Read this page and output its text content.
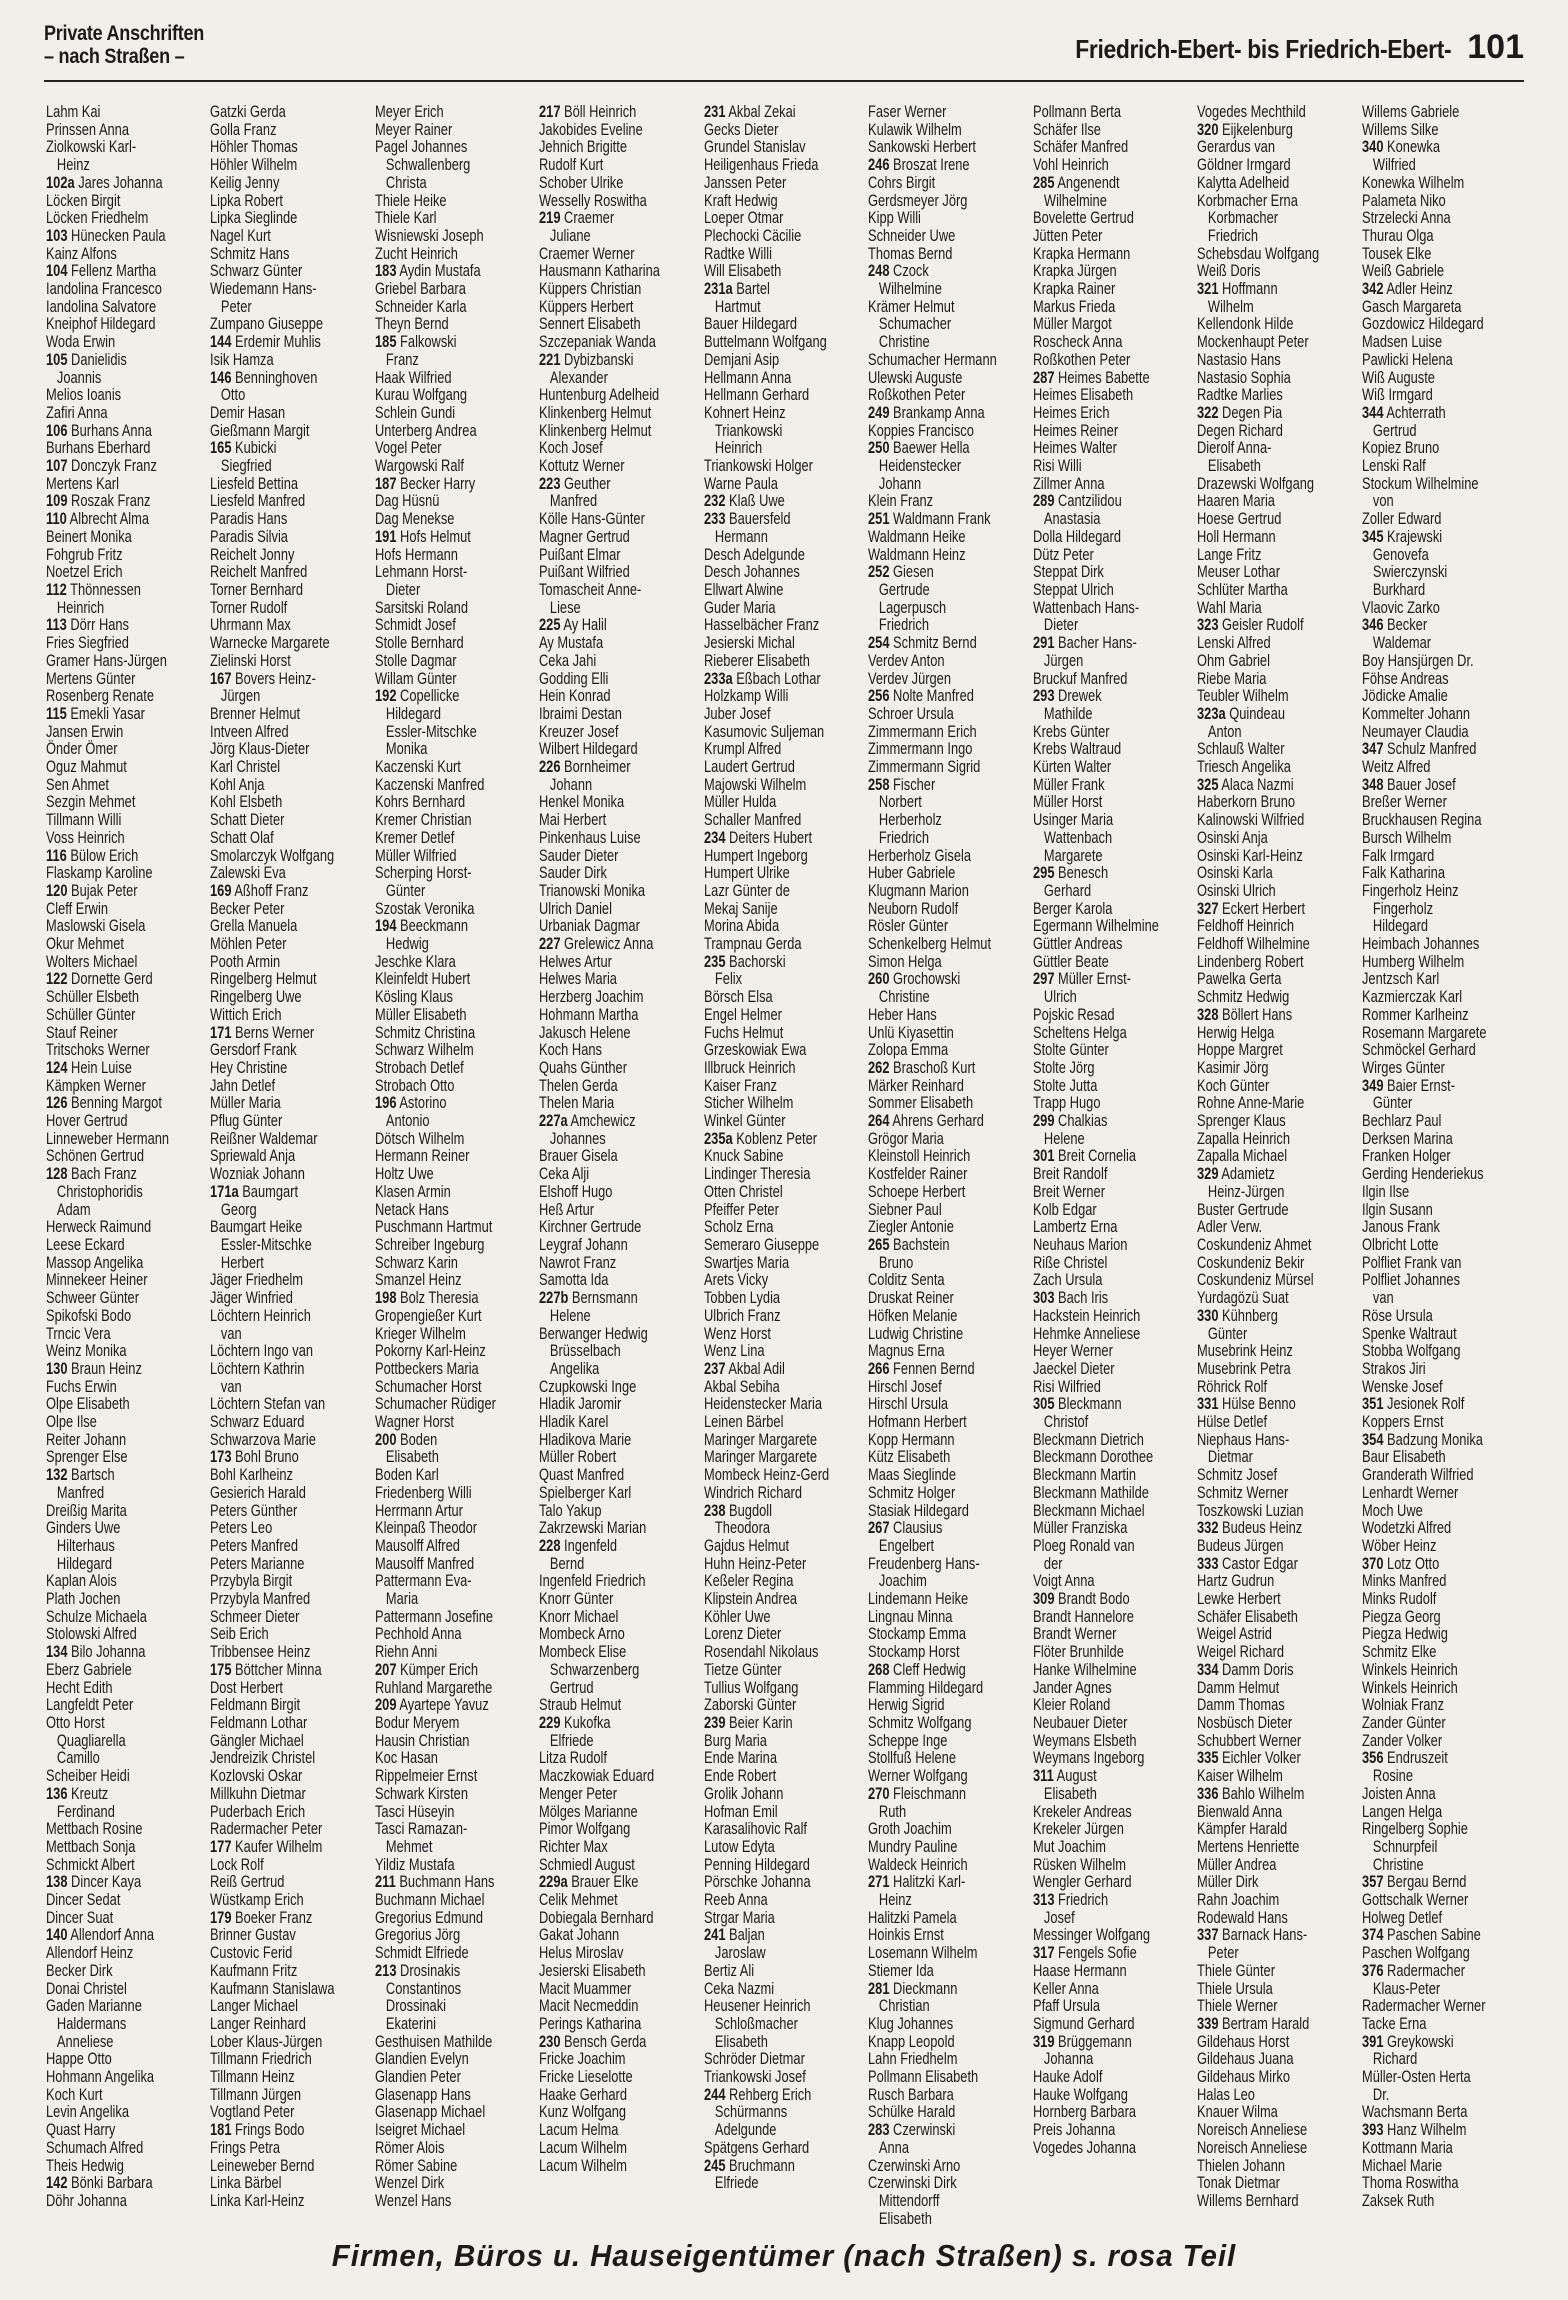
Private Anschriften
– nach Straßen –	Friedrich-Ebert- bis Friedrich-Ebert- 101
Lahm Kai
Prinssen Anna
Ziolkowski Karl-
Heinz
102a Jares Johanna
Löcken Birgit
Löcken Friedhelm
103 Hünecken Paula
Kainz Alfons
104 Fellenz Martha
Iandolina Francesco
Iandolina Salvatore
Kneiphof Hildegard
Woda Erwin
105 Danielidis
Joannis
Melios Ioanis
Zafiri Anna
106 Burhans Anna
Burhans Eberhard
107 Donczyk Franz
Mertens Karl
109 Roszak Franz
110 Albrecht Alma
Beinert Monika
Fohgrub Fritz
Noetzel Erich
112 Thönnessen
Heinrich
113 Dörr Hans
Fries Siegfried
Gramer Hans-Jürgen
Mertens Günter
Rosenberg Renate
115 Emekli Yasar
Jansen Erwin
Önder Ömer
Oguz Mahmut
Sen Ahmet
Sezgin Mehmet
Tillmann Willi
Voss Heinrich
116 Bülow Erich
Flaskamp Karoline
120 Bujak Peter
Cleff Erwin
Maslowski Gisela
Okur Mehmet
Wolters Michael
122 Dornette Gerd
Schüller Elsbeth
Schüller Günter
Stauf Reiner
Tritschoks Werner
124 Hein Luise
Kämpken Werner
126 Benning Margot
Hover Gertrud
Linneweber Hermann
Schönen Gertrud
128 Bach Franz
Christophoridis
Adam
Herweck Raimund
Leese Eckard
Massop Angelika
Minnekeer Heiner
Schweer Günter
Spikofski Bodo
Trncic Vera
Weinz Monika
130 Braun Heinz
Fuchs Erwin
Olpe Elisabeth
Olpe Ilse
Reiter Johann
Sprenger Else
132 Bartsch
Manfred
Dreißig Marita
Ginders Uwe
Hilterhaus
Hildegard
Kaplan Alois
Plath Jochen
Schulze Michaela
Stolowski Alfred
134 Bilo Johanna
Eberz Gabriele
Hecht Edith
Langfeldt Peter
Otto Horst
Quagliarella
Camillo
Scheiber Heidi
136 Kreutz
Ferdinand
Mettbach Rosine
Mettbach Sonja
Schmickt Albert
138 Dincer Kaya
Dincer Sedat
Dincer Suat
140 Allendorf Anna
Allendorf Heinz
Becker Dirk
Donai Christel
Gaden Marianne
Haldermans
Anneliese
Happe Otto
Hohmann Angelika
Koch Kurt
Levin Angelika
Quast Harry
Schumach Alfred
Theis Hedwig
142 Bönki Barbara
Döhr Johanna
Gatzki Gerda
Golla Franz
Höhler Thomas
Höhler Wilhelm
Keilig Jenny
Lipka Robert
Lipka Sieglinde
Nagel Kurt
Schmitz Hans
Schwarz Günter
Wiedemann Hans-
Peter
Zumpano Giuseppe
144 Erdemir Muhlis
Isik Hamza
146 Benninghoven
Otto
Demir Hasan
Gießmann Margit
165 Kubicki
Siegfried
Liesfeld Bettina
Liesfeld Manfred
Paradis Hans
Paradis Silvia
Reichelt Jonny
Reichelt Manfred
Torner Bernhard
Torner Rudolf
Uhrmann Max
Warnecke Margarete
Zielinski Horst
167 Bovers Heinz-
Jürgen
Brenner Helmut
Intveen Alfred
Jörg Klaus-Dieter
Karl Christel
Kohl Anja
Kohl Elsbeth
Schatt Dieter
Schatt Olaf
Smolarczyk Wolfgang
Zalewski Eva
169 Aßhoff Franz
Becker Peter
Grella Manuela
Möhlen Peter
Pooth Armin
Ringelberg Helmut
Ringelberg Uwe
Wittich Erich
171 Berns Werner
Gersdorf Frank
Hey Christine
Jahn Detlef
Müller Maria
Pflug Günter
Reißner Waldemar
Spriewald Anja
Wozniak Johann
171a Baumgart
Georg
Baumgart Heike
Essler-Mitschke
Herbert
Jäger Friedhelm
Jäger Winfried
Löchtern Heinrich
van
Löchtern Ingo van
Löchtern Kathrin
van
Löchtern Stefan van
Schwarz Eduard
Schwarzova Marie
173 Bohl Bruno
Bohl Karlheinz
Gesierich Harald
Peters Günther
Peters Leo
Peters Manfred
Peters Marianne
Przybyla Birgit
Przybyla Manfred
Schmeer Dieter
Seib Erich
Tribbensee Heinz
175 Böttcher Minna
Dost Herbert
Feldmann Birgit
Feldmann Lothar
Gängler Michael
Jendreizik Christel
Kozlovski Oskar
Millkuhn Dietmar
Puderbach Erich
Radermacher Peter
177 Kaufer Wilhelm
Lock Rolf
Reiß Gertrud
Wüstkamp Erich
179 Boeker Franz
Brinner Gustav
Custovic Ferid
Kaufmann Fritz
Kaufmann Stanislawa
Langer Michael
Langer Reinhard
Lober Klaus-Jürgen
Tillmann Friedrich
Tillmann Heinz
Tillmann Jürgen
Vogtland Peter
181 Frings Bodo
Frings Petra
Leineweber Bernd
Linka Bärbel
Linka Karl-Heinz
Meyer Erich
Meyer Rainer
Pagel Johannes
Schwallenberg
Christa
Thiele Heike
Thiele Karl
Wisniewski Joseph
Zucht Heinrich
183 Aydin Mustafa
Griebel Barbara
Schneider Karla
Theyn Bernd
185 Falkowski
Franz
Haak Wilfried
Kurau Wolfgang
Schlein Gundi
Unterberg Andrea
Vogel Peter
Wargowski Ralf
187 Becker Harry
Dag Hüsnü
Dag Menekse
191 Hofs Helmut
Hofs Hermann
Lehmann Horst-
Dieter
Sarsitski Roland
Schmidt Josef
Stolle Bernhard
Stolle Dagmar
Willam Günter
192 Copellicke
Hildegard
Essler-Mitschke
Monika
Kaczenski Kurt
Kaczenski Manfred
Kohrs Bernhard
Kremer Christian
Kremer Detlef
Müller Wilfried
Scherping Horst-
Günter
Szostak Veronika
194 Beeckmann
Hedwig
Jeschke Klara
Kleinfeldt Hubert
Kösling Klaus
Müller Elisabeth
Schmitz Christina
Schwarz Wilhelm
Strobach Detlef
Strobach Otto
196 Astorino
Antonio
Dötsch Wilhelm
Hermann Reiner
Holtz Uwe
Klasen Armin
Netack Hans
Puschmann Hartmut
Schreiber Ingeburg
Schwarz Karin
Smanzel Heinz
198 Bolz Theresia
Gropengießer Kurt
Krieger Wilhelm
Pokorny Karl-Heinz
Pottbeckers Maria
Schumacher Horst
Schumacher Rüdiger
Wagner Horst
200 Boden
Elisabeth
Boden Karl
Friedenberg Willi
Herrmann Artur
Kleinpaß Theodor
Mausolff Alfred
Mausolff Manfred
Pattermann Eva-
Maria
Pattermann Josefine
Pechhold Anna
Riehn Anni
207 Kümper Erich
Ruhland Margarethe
209 Ayartepe Yavuz
Bodur Meryem
Hausin Christian
Koc Hasan
Rippelmeier Ernst
Schwark Kirsten
Tasci Hüseyin
Tasci Ramazan-
Mehmet
Yildiz Mustafa
211 Buchmann Hans
Buchmann Michael
Gregorius Edmund
Gregorius Jörg
Schmidt Elfriede
213 Drosinakis
Constantinos
Drossinaki
Ekaterini
Gesthuisen Mathilde
Glandien Evelyn
Glandien Peter
Glasenapp Hans
Glasenapp Michael
Iseigret Michael
Römer Alois
Römer Sabine
Wenzel Dirk
Wenzel Hans
217 Böll Heinrich
Jakobides Eveline
Jehnich Brigitte
Rudolf Kurt
Schober Ulrike
Wesselly Roswitha
219 Craemer
Juliane
Craemer Werner
Hausmann Katharina
Küppers Christian
Küppers Herbert
Sennert Elisabeth
Szczepaniak Wanda
221 Dybizbanski
Alexander
Huntenburg Adelheid
Klinkenberg Helmut
Klinkenberg Helmut
Koch Josef
Kottutz Werner
223 Geuther
Manfred
Kölle Hans-Günter
Magner Gertrud
Puißant Elmar
Puißant Wilfried
Tomascheit Anne-
Liese
225 Ay Halil
Ay Mustafa
Ceka Jahi
Godding Elli
Hein Konrad
Ibraimi Destan
Kreuzer Josef
Wilbert Hildegard
226 Bornheimer
Johann
Henkel Monika
Mai Herbert
Pinkenhaus Luise
Sauder Dieter
Sauder Dirk
Trianowski Monika
Ulrich Daniel
Urbaniak Dagmar
227 Grelewicz Anna
Helwes Artur
Helwes Maria
Herzberg Joachim
Hohmann Martha
Jakusch Helene
Koch Hans
Quahs Günther
Thelen Gerda
Thelen Maria
227a Amchewicz
Johannes
Brauer Gisela
Ceka Alji
Elshoff Hugo
Heß Artur
Kirchner Gertrude
Leygraf Johann
Nawrot Franz
Samotta Ida
227b Bernsmann
Helene
Berwanger Hedwig
Brüsselbach
Angelika
Czupkowski Inge
Hladik Jaromir
Hladik Karel
Hladikova Marie
Müller Robert
Quast Manfred
Spielberger Karl
Talo Yakup
Zakrzewski Marian
228 Ingenfeld
Bernd
Ingenfeld Friedrich
Knorr Günter
Knorr Michael
Mombeck Arno
Mombeck Elise
Schwarzenberg
Gertrud
Straub Helmut
229 Kukofka
Elfriede
Litza Rudolf
Maczkowiak Eduard
Menger Peter
Mölges Marianne
Pimor Wolfgang
Richter Max
Schmiedl August
229a Brauer Elke
Celik Mehmet
Dobiegala Bernhard
Gakat Johann
Helus Miroslav
Jesierski Elisabeth
Macit Muammer
Macit Necmeddin
Perings Katharina
230 Bensch Gerda
Fricke Joachim
Fricke Lieselotte
Haake Gerhard
Kunz Wolfgang
Lacum Helma
Lacum Wilhelm
Lacum Wilhelm
231 Akbal Zekai
Gecks Dieter
Grundel Stanislav
Heiligenhaus Frieda
Janssen Peter
Kraft Hedwig
Loeper Otmar
Plechocki Cäcilie
Radtke Willi
Will Elisabeth
231a Bartel
Hartmut
Bauer Hildegard
Buttelmann Wolfgang
Demjani Asip
Hellmann Anna
Hellmann Gerhard
Kohnert Heinz
Triankowski
Heinrich
Triankowski Holger
Warne Paula
232 Klaß Uwe
233 Bauersfeld
Hermann
Desch Adelgunde
Desch Johannes
Ellwart Alwine
Guder Maria
Hasselbächer Franz
Jesierski Michal
Rieberer Elisabeth
233a Eßbach Lothar
Holzkamp Willi
Juber Josef
Kasumovic Suljeman
Krumpl Alfred
Laudert Gertrud
Majowski Wilhelm
Müller Hulda
Schaller Manfred
234 Deiters Hubert
Humpert Ingeborg
Humpert Ulrike
Lazr Günter de
Mekaj Sanije
Morina Abida
Trampnau Gerda
235 Bachorski
Felix
Börsch Elsa
Engel Helmer
Fuchs Helmut
Grzeskowiak Ewa
Illbruck Heinrich
Kaiser Franz
Sticher Wilhelm
Winkel Günter
235a Koblenz Peter
Knuck Sabine
Lindinger Theresia
Otten Christel
Pfeiffer Peter
Scholz Erna
Semeraro Giuseppe
Swartjes Maria
Arets Vicky
Tobben Lydia
Ulbrich Franz
Wenz Horst
Wenz Lina
237 Akbal Adil
Akbal Sebiha
Heidenstecker Maria
Leinen Bärbel
Maringer Margarete
Maringer Margarete
Mombeck Heinz-Gerd
Windrich Richard
238 Bugdoll
Theodora
Gajdus Helmut
Huhn Heinz-Peter
Keßeler Regina
Klipstein Andrea
Köhler Uwe
Lorenz Dieter
Rosendahl Nikolaus
Tietze Günter
Tullius Wolfgang
Zaborski Günter
239 Beier Karin
Burg Maria
Ende Marina
Ende Robert
Grolik Johann
Hofman Emil
Karasalihovic Ralf
Lutow Edyta
Penning Hildegard
Pörschke Johanna
Reeb Anna
Strgar Maria
241 Baljan
Jaroslaw
Bertiz Ali
Ceka Nazmi
Heusener Heinrich
Schloßmacher
Elisabeth
Schröder Dietmar
Triankowski Josef
244 Rehberg Erich
Schürmanns
Adelgunde
Spätgens Gerhard
245 Bruchmann
Elfriede
Faser Werner
Kulawik Wilhelm
Sankowski Herbert
246 Broszat Irene
Cohrs Birgit
Gerdsmeyer Jörg
Kipp Willi
Schneider Uwe
Thomas Bernd
248 Czock
Wilhelmine
Krämer Helmut
Schumacher
Christine
Schumacher Hermann
Ulewski Auguste
Roßkothen Peter
249 Brankamp Anna
Koppies Francisco
250 Baewer Hella
Heidenstecker
Johann
Klein Franz
251 Waldmann Frank
Waldmann Heike
Waldmann Heinz
252 Giesen
Gertrude
Lagerpusch
Friedrich
254 Schmitz Bernd
Verdev Anton
Verdev Jürgen
256 Nolte Manfred
Schroer Ursula
Zimmermann Erich
Zimmermann Ingo
Zimmermann Sigrid
258 Fischer
Norbert
Herberholz
Friedrich
Herberholz Gisela
Huber Gabriele
Klugmann Marion
Neuborn Rudolf
Rösler Günter
Schenkelberg Helmut
Simon Helga
260 Grochowski
Christine
Heber Hans
Unlü Kiyasettin
Zolopa Emma
262 Braschoß Kurt
Märker Reinhard
Sommer Elisabeth
264 Ahrens Gerhard
Grögor Maria
Kleinstoll Heinrich
Kostfelder Rainer
Schoepe Herbert
Siebner Paul
Ziegler Antonie
265 Bachstein
Bruno
Colditz Senta
Druskat Reiner
Höfken Melanie
Ludwig Christine
Magnus Erna
266 Fennen Bernd
Hirschl Josef
Hirschl Ursula
Hofmann Herbert
Kopp Hermann
Kütz Elisabeth
Maas Sieglinde
Schmitz Holger
Stasiak Hildegard
267 Clausius
Engelbert
Freudenberg Hans-
Joachim
Lindemann Heike
Lingnau Minna
Stockamp Emma
Stockamp Horst
268 Cleff Hedwig
Flamming Hildegard
Herwig Sigrid
Schmitz Wolfgang
Scheppe Inge
Stollfuß Helene
Werner Wolfgang
270 Fleischmann
Ruth
Groth Joachim
Mundry Pauline
Waldeck Heinrich
271 Halitzki Karl-
Heinz
Halitzki Pamela
Hoinkis Ernst
Losemann Wilhelm
Stiemer Ida
281 Dieckmann
Christian
Klug Johannes
Knapp Leopold
Lahn Friedhelm
Pollmann Elisabeth
Rusch Barbara
Schülke Harald
283 Czerwinski
Anna
Czerwinski Arno
Czerwinski Dirk
Mittendorff
Elisabeth
Pollmann Berta
Schäfer Ilse
Schäfer Manfred
Vohl Heinrich
285 Angenendt
Wilhelmine
Bovelette Gertrud
Jütten Peter
Krapka Hermann
Krapka Jürgen
Krapka Rainer
Markus Frieda
Müller Margot
Roscheck Anna
Roßkothen Peter
287 Heimes Babette
Heimes Elisabeth
Heimes Erich
Heimes Reiner
Heimes Walter
Risi Willi
Zillmer Anna
289 Cantzilidou
Anastasia
Dolla Hildegard
Dütz Peter
Steppat Dirk
Steppat Ulrich
Wattenbach Hans-
Dieter
291 Bacher Hans-
Jürgen
Bruckuf Manfred
293 Drewek
Mathilde
Krebs Günter
Krebs Waltraud
Kürten Walter
Müller Frank
Müller Horst
Usinger Maria
Wattenbach
Margarete
295 Benesch
Gerhard
Berger Karola
Egermann Wilhelmine
Güttler Andreas
Güttler Beate
297 Müller Ernst-
Ulrich
Pojskic Resad
Scheltens Helga
Stolte Günter
Stolte Jörg
Stolte Jutta
Trapp Hugo
299 Chalkias
Helene
301 Breit Cornelia
Breit Randolf
Breit Werner
Kolb Edgar
Lambertz Erna
Neuhaus Marion
Riße Christel
Zach Ursula
303 Bach Iris
Hackstein Heinrich
Hehmke Anneliese
Heyer Werner
Jaeckel Dieter
Risi Wilfried
305 Bleckmann
Christof
Bleckmann Dietrich
Bleckmann Dorothee
Bleckmann Martin
Bleckmann Mathilde
Bleckmann Michael
Müller Franziska
Ploeg Ronald van
der
Voigt Anna
309 Brandt Bodo
Brandt Hannelore
Brandt Werner
Flöter Brunhilde
Hanke Wilhelmine
Jander Agnes
Kleier Roland
Neubauer Dieter
Weymans Elsbeth
Weymans Ingeborg
311 August
Elisabeth
Krekeler Andreas
Krekeler Jürgen
Mut Joachim
Rüsken Wilhelm
Wengler Gerhard
313 Friedrich
Josef
Messinger Wolfgang
317 Fengels Sofie
Haase Hermann
Keller Anna
Pfaff Ursula
Sigmund Gerhard
319 Brüggemann
Johanna
Hauke Adolf
Hauke Wolfgang
Hornberg Barbara
Preis Johanna
Vogedes Johanna
Vogedes Mechthild
320 Eijkelenburg
Gerardus van
Göldner Irmgard
Kalytta Adelheid
Korbmacher Erna
Korbmacher
Friedrich
Schebsdau Wolfgang
Weiß Doris
321 Hoffmann
Wilhelm
Kellendonk Hilde
Mockenhaupt Peter
Nastasio Hans
Nastasio Sophia
Radtke Marlies
322 Degen Pia
Degen Richard
Dierolf Anna-
Elisabeth
Drazewski Wolfgang
Haaren Maria
Hoese Gertrud
Holl Hermann
Lange Fritz
Meuser Lothar
Schlüter Martha
Wahl Maria
323 Geisler Rudolf
Lenski Alfred
Ohm Gabriel
Riebe Maria
Teubler Wilhelm
323a Quindeau
Anton
Schlauß Walter
Triesch Angelika
325 Alaca Nazmi
Haberkorn Bruno
Kalinowski Wilfried
Osinski Anja
Osinski Karl-Heinz
Osinski Karla
Osinski Ulrich
327 Eckert Herbert
Feldhoff Heinrich
Feldhoff Wilhelmine
Lindenberg Robert
Pawelka Gerta
Schmitz Hedwig
328 Böllert Hans
Herwig Helga
Hoppe Margret
Kasimir Jörg
Koch Günter
Rohne Anne-Marie
Sprenger Klaus
Zapalla Heinrich
Zapalla Michael
329 Adamietz
Heinz-Jürgen
Buster Gertrude
Adler Verw.
Coskundeniz Ahmet
Coskundeniz Bekir
Coskundeniz Mürsel
Yurdagözü Suat
330 Kühnberg
Günter
Musebrink Heinz
Musebrink Petra
Röhrick Rolf
331 Hülse Benno
Hülse Detlef
Niephaus Hans-
Dietmar
Schmitz Josef
Schmitz Werner
Toszkowski Luzian
332 Budeus Heinz
Budeus Jürgen
333 Castor Edgar
Hartz Gudrun
Lewke Herbert
Schäfer Elisabeth
Weigel Astrid
Weigel Richard
334 Damm Doris
Damm Helmut
Damm Thomas
Nosbüsch Dieter
Schubbert Werner
335 Eichler Volker
Kaiser Wilhelm
336 Bahlo Wilhelm
Bienwald Anna
Kämpfer Harald
Mertens Henriette
Müller Andrea
Müller Dirk
Rahn Joachim
Rodewald Hans
337 Barnack Hans-
Peter
Thiele Günter
Thiele Ursula
Thiele Werner
339 Bertram Harald
Gildehaus Horst
Gildehaus Juana
Gildehaus Mirko
Halas Leo
Knauer Wilma
Noreisch Anneliese
Noreisch Anneliese
Thielen Johann
Tonak Dietmar
Willems Bernhard
Willems Gabriele
Willems Silke
340 Konewka
Wilfried
Konewka Wilhelm
Palameta Niko
Strzelecki Anna
Thurau Olga
Tousek Elke
Weiß Gabriele
342 Adler Heinz
Gasch Margareta
Gozdowicz Hildegard
Madsen Luise
Pawlicki Helena
Wiß Auguste
Wiß Irmgard
344 Achterrath
Gertrud
Kopiez Bruno
Lenski Ralf
Stockum Wilhelmine
von
Zoller Edward
345 Krajewski
Genovefa
Swierczynski
Burkhard
Vlaovic Zarko
346 Becker
Waldemar
Boy Hansjürgen Dr.
Föhse Andreas
Jödicke Amalie
Kommelter Johann
Neumayer Claudia
347 Schulz Manfred
Weitz Alfred
348 Bauer Josef
Breßer Werner
Bruckhausen Regina
Bursch Wilhelm
Falk Irmgard
Falk Katharina
Fingerholz Heinz
Fingerholz
Hildegard
Heimbach Johannes
Humberg Wilhelm
Jentzsch Karl
Kazmierczak Karl
Rommer Karlheinz
Rosemann Margarete
Schmöckel Gerhard
Wirges Günter
349 Baier Ernst-
Günter
Bechlarz Paul
Derksen Marina
Franken Holger
Gerding Henderiekus
Ilgin Ilse
Ilgin Susann
Janous Frank
Olbricht Lotte
Polfliet Frank van
Polfliet Johannes
van
Röse Ursula
Spenke Waltraut
Stobba Wolfgang
Strakos Jiri
Wenske Josef
351 Jesionek Rolf
Koppers Ernst
354 Badzung Monika
Baur Elisabeth
Granderath Wilfried
Lenhardt Werner
Moch Uwe
Wodetzki Alfred
Wöber Heinz
370 Lotz Otto
Minks Manfred
Minks Rudolf
Piegza Georg
Piegza Hedwig
Schmitz Elke
Winkels Heinrich
Winkels Heinrich
Wolniak Franz
Zander Günter
Zander Volker
356 Endruszeit
Rosine
Joisten Anna
Langen Helga
Ringelberg Sophie
Schnurpfeil
Christine
357 Bergau Bernd
Gottschalk Werner
Holweg Detlef
374 Paschen Sabine
Paschen Wolfgang
376 Radermacher
Klaus-Peter
Radermacher Werner
Tacke Erna
391 Greykowski
Richard
Müller-Osten Herta
Dr.
Wachsmann Berta
393 Hanz Wilhelm
Kottmann Maria
Michael Marie
Thoma Roswitha
Zaksek Ruth
Firmen, Büros u. Hauseigentümer (nach Straßen) s. rosa Teil
